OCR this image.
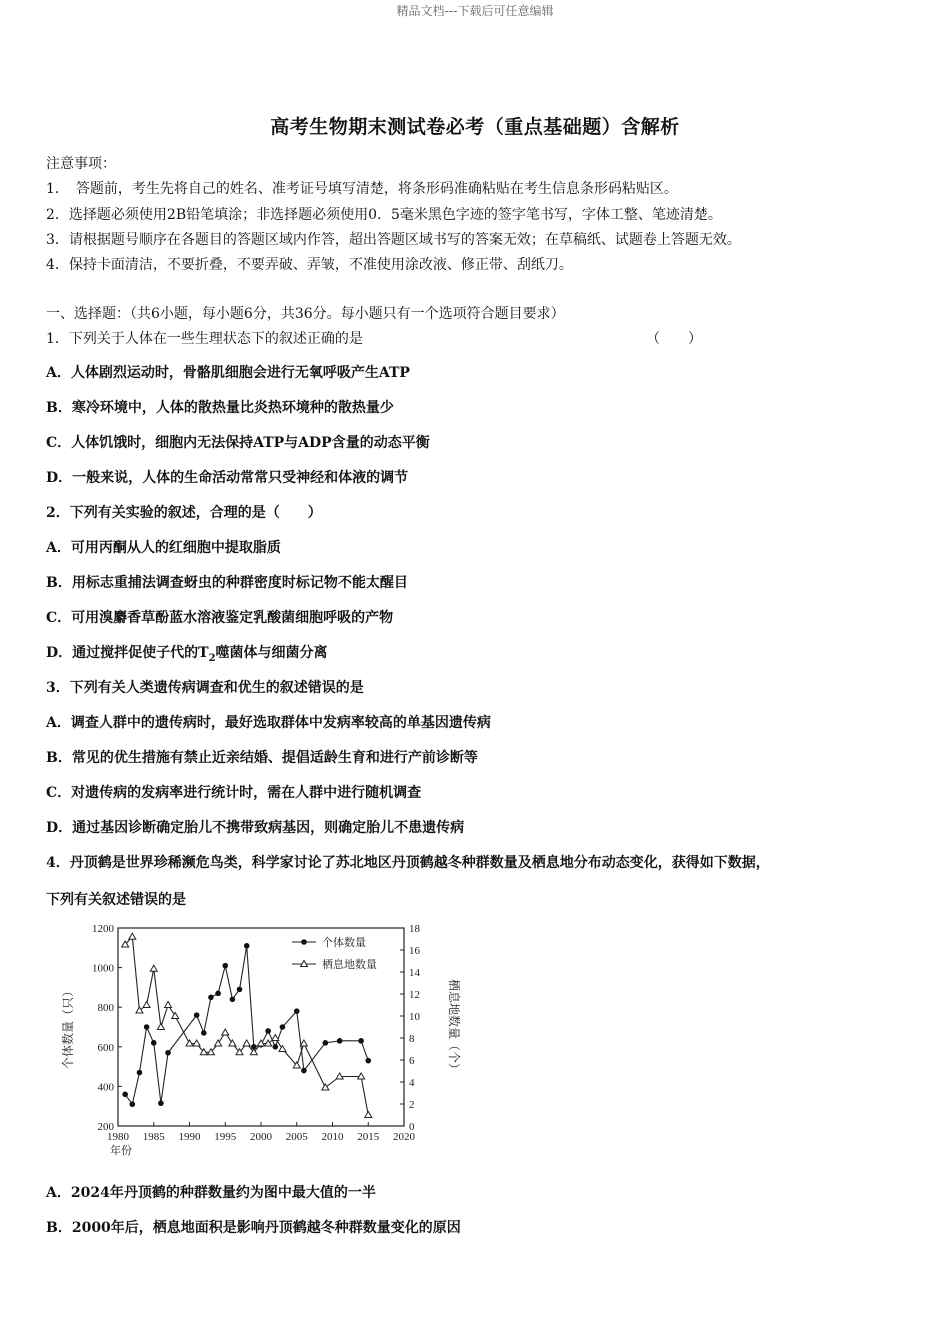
精品文档---下载后可任意编辑
高考生物期末测试卷必考（重点基础题）含解析
注意事项：
1．　答题前，考生先将自己的姓名、准考证号填写清楚，将条形码准确粘贴在考生信息条形码粘贴区。
2．选择题必须使用2B铅笔填涂；非选择题必须使用0．5毫米黑色字迹的签字笔书写，字体工整、笔迹清楚。
3．请根据题号顺序在各题目的答题区域内作答，超出答题区域书写的答案无效；在草稿纸、试题卷上答题无效。
4．保持卡面清洁，不要折叠，不要弄破、弄皱，不准使用涂改液、修正带、刮纸刀。
一、选择题：（共6小题，每小题6分，共36分。每小题只有一个选项符合题目要求）
1．下列关于人体在一些生理状态下的叙述正确的是	（　　）
A．人体剧烈运动时，骨骼肌细胞会进行无氧呼吸产生ATP
B．寒冷环境中，人体的散热量比炎热环境种的散热量少
C．人体饥饿时，细胞内无法保持ATP与ADP含量的动态平衡
D．一般来说，人体的生命活动常常只受神经和体液的调节
2．下列有关实验的叙述，合理的是（　　）
A．可用丙酮从人的红细胞中提取脂质
B．用标志重捕法调查蚜虫的种群密度时标记物不能太醒目
C．可用溴麝香草酚蓝水溶液鉴定乳酸菌细胞呼吸的产物
D．通过搅拌促使子代的$T_2$噬菌体与细菌分离
3．下列有关人类遗传病调查和优生的叙述错误的是
A．调查人群中的遗传病时，最好选取群体中发病率较高的单基因遗传病
B．常见的优生措施有禁止近亲结婚、提倡适龄生育和进行产前诊断等
C．对遗传病的发病率进行统计时，需在人群中进行随机调查
D．通过基因诊断确定胎儿不携带致病基因，则确定胎儿不患遗传病
4．丹顶鹤是世界珍稀濒危鸟类，科学家讨论了苏北地区丹顶鹤越冬种群数量及栖息地分布动态变化，获得如下数据，
下列有关叙述错误的是
1980 1985 1990 1995 2000 2005 2010 2015 2020
200
400
600
800
1000
1200
0
2
4
6
8
10
12
14
16
18
年份
个体数量（只）	栖息地数量（个）
个体数量
栖息地数量
A．2024年丹顶鹤的种群数量约为图中最大值的一半
B．2000年后，栖息地面积是影响丹顶鹤越冬种群数量变化的原因
